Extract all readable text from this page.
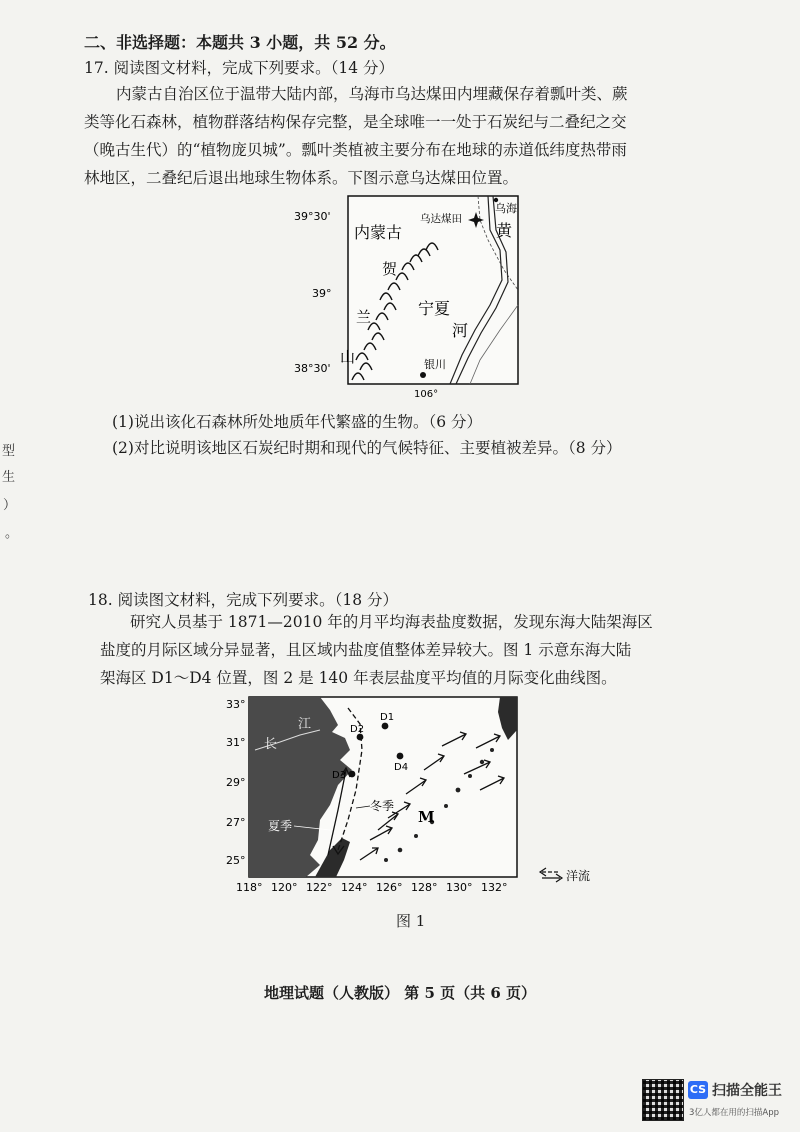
型
生
）
。
二、非选择题：本题共 3 小题，共 52 分。
17. 阅读图文材料，完成下列要求。（14 分）
内蒙古自治区位于温带大陆内部，乌海市乌达煤田内埋藏保存着瓢叶类、蕨
类等化石森林，植物群落结构保存完整，是全球唯一一处于石炭纪与二叠纪之交
（晚古生代）的“植物庞贝城”。瓢叶类植被主要分布在地球的赤道低纬度热带雨
林地区，二叠纪后退出地球生物体系。下图示意乌达煤田位置。
39°30'
39°
38°30'
106°
内蒙古
宁夏
乌达煤田
乌海
银川
黄
河
贺
兰
山
(1)说出该化石森林所处地质年代繁盛的生物。（6 分）
(2)对比说明该地区石炭纪时期和现代的气候特征、主要植被差异。（8 分）
18. 阅读图文材料，完成下列要求。（18 分）
研究人员基于 1871—2010 年的月平均海表盐度数据，发现东海大陆架海区
盐度的月际区域分异显著，且区域内盐度值整体差异较大。图 1 示意东海大陆
架海区 D1～D4 位置，图 2 是 140 年表层盐度平均值的月际变化曲线图。
D1
D2
D3
D4
长
江
夏季
冬季
M
33°
31°
29°
27°
25°
118° 120° 122° 124° 126° 128° 130° 132°
洋流
图 1
地理试题（人教版） 第 5 页（共 6 页）
CS 扫描全能王
3亿人都在用的扫描App
